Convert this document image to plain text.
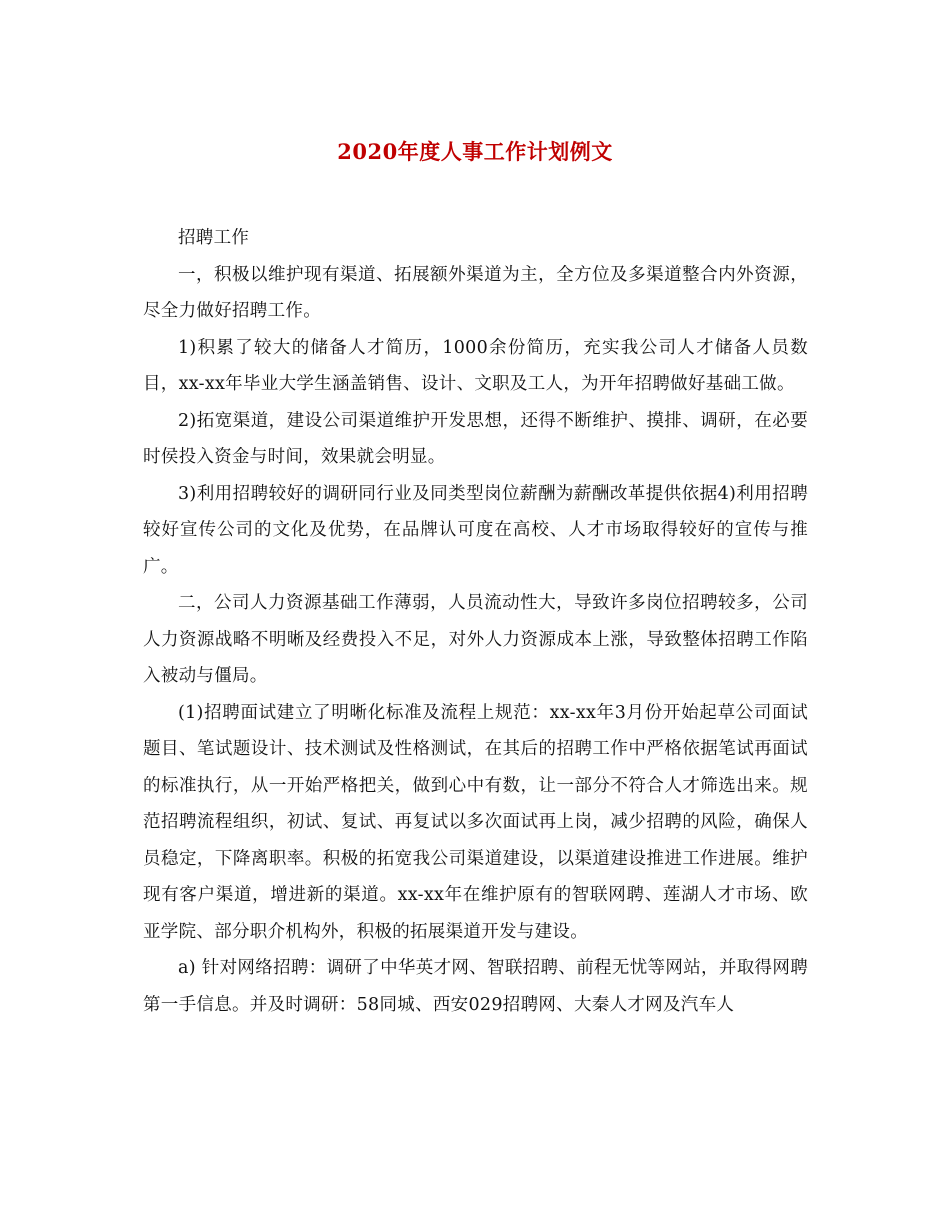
2020年度人事工作计划例文

招聘工作

一，积极以维护现有渠道、拓展额外渠道为主，全方位及多渠道整合内外资源，尽全力做好招聘工作。

1)积累了较大的储备人才简历，1000余份简历，充实我公司人才储备人员数目，xx-xx年毕业大学生涵盖销售、设计、文职及工人，为开年招聘做好基础工做。

2)拓宽渠道，建设公司渠道维护开发思想，还得不断维护、摸排、调研，在必要时侯投入资金与时间，效果就会明显。

3)利用招聘较好的调研同行业及同类型岗位薪酬为薪酬改革提供依据4)利用招聘较好宣传公司的文化及优势，在品牌认可度在高校、人才市场取得较好的宣传与推广。

二，公司人力资源基础工作薄弱，人员流动性大，导致许多岗位招聘较多，公司人力资源战略不明晰及经费投入不足，对外人力资源成本上涨，导致整体招聘工作陷入被动与僵局。

(1)招聘面试建立了明晰化标准及流程上规范：xx-xx年3月份开始起草公司面试题目、笔试题设计、技术测试及性格测试，在其后的招聘工作中严格依据笔试再面试的标准执行，从一开始严格把关，做到心中有数，让一部分不符合人才筛选出来。规范招聘流程组织，初试、复试、再复试以多次面试再上岗，减少招聘的风险，确保人员稳定，下降离职率。积极的拓宽我公司渠道建设，以渠道建设推进工作进展。维护现有客户渠道，增进新的渠道。xx-xx年在维护原有的智联网聘、莲湖人才市场、欧亚学院、部分职介机构外，积极的拓展渠道开发与建设。

a) 针对网络招聘：调研了中华英才网、智联招聘、前程无忧等网站，并取得网聘第一手信息。并及时调研：58同城、西安029招聘网、大秦人才网及汽车人
